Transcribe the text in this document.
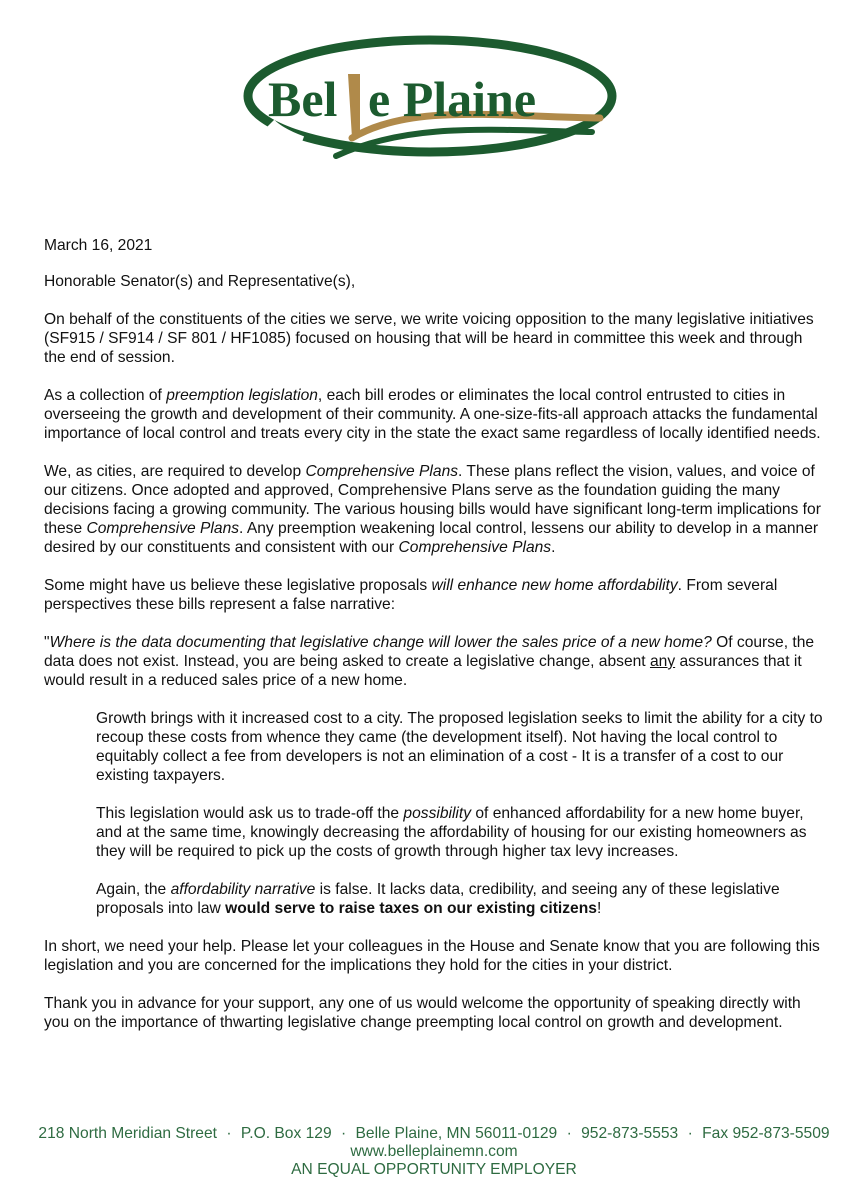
Bel e Plaine

March 16, 2021

Honorable Senator(s) and Representative(s),

On behalf of the constituents of the cities we serve, we write voicing opposition to the many legislative initiatives (SF915 / SF914 / SF 801 / HF1085) focused on housing that will be heard in committee this week and through the end of session.

As a collection of preemption legislation, each bill erodes or eliminates the local control entrusted to cities in overseeing the growth and development of their community. A one-size-fits-all approach attacks the fundamental importance of local control and treats every city in the state the exact same regardless of locally identified needs.

We, as cities, are required to develop Comprehensive Plans. These plans reflect the vision, values, and voice of our citizens. Once adopted and approved, Comprehensive Plans serve as the foundation guiding the many decisions facing a growing community. The various housing bills would have significant long-term implications for these Comprehensive Plans. Any preemption weakening local control, lessens our ability to develop in a manner desired by our constituents and consistent with our Comprehensive Plans.

Some might have us believe these legislative proposals will enhance new home affordability. From several perspectives these bills represent a false narrative:

"Where is the data documenting that legislative change will lower the sales price of a new home? Of course, the data does not exist. Instead, you are being asked to create a legislative change, absent any assurances that it would result in a reduced sales price of a new home.

Growth brings with it increased cost to a city. The proposed legislation seeks to limit the ability for a city to recoup these costs from whence they came (the development itself). Not having the local control to equitably collect a fee from developers is not an elimination of a cost - It is a transfer of a cost to our existing taxpayers.

This legislation would ask us to trade-off the possibility of enhanced affordability for a new home buyer, and at the same time, knowingly decreasing the affordability of housing for our existing homeowners as they will be required to pick up the costs of growth through higher tax levy increases.

Again, the affordability narrative is false. It lacks data, credibility, and seeing any of these legislative proposals into law would serve to raise taxes on our existing citizens!

In short, we need your help. Please let your colleagues in the House and Senate know that you are following this legislation and you are concerned for the implications they hold for the cities in your district.

Thank you in advance for your support, any one of us would welcome the opportunity of speaking directly with you on the importance of thwarting legislative change preempting local control on growth and development.

218 North Meridian Street · P.O. Box 129 · Belle Plaine, MN 56011-0129 · 952-873-5553 · Fax 952-873-5509
www.belleplainemn.com
AN EQUAL OPPORTUNITY EMPLOYER
